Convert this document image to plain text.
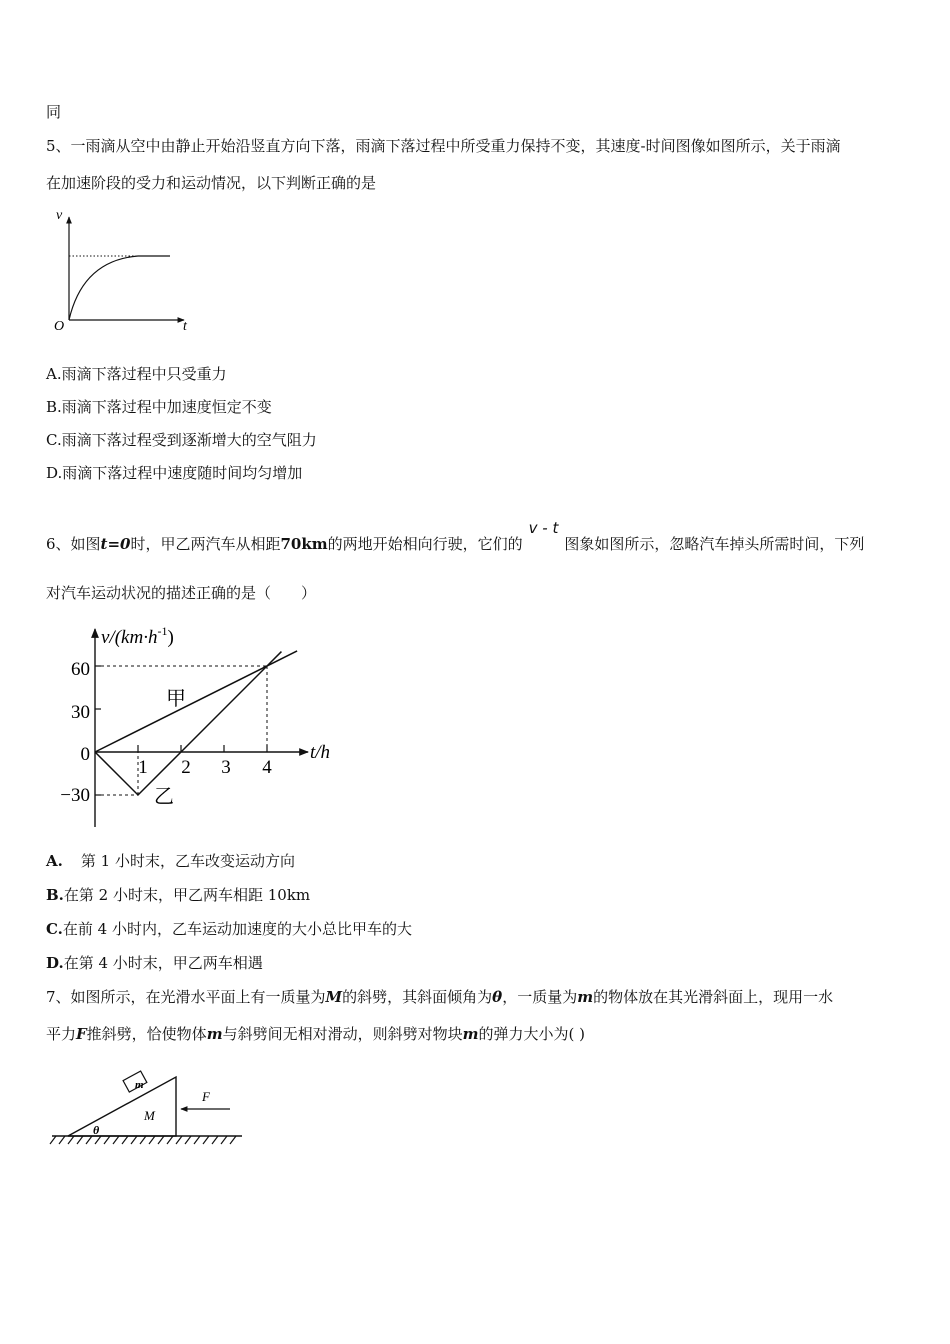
同
5、一雨滴从空中由静止开始沿竖直方向下落，雨滴下落过程中所受重力保持不变，其速度-时间图像如图所示，关于雨滴
在加速阶段的受力和运动情况，以下判断正确的是
v
t
O
A.雨滴下落过程中只受重力
B.雨滴下落过程中加速度恒定不变
C.雨滴下落过程受到逐渐增大的空气阻力
D.雨滴下落过程中速度随时间均匀增加
6、如图t=0时，甲乙两汽车从相距70km的两地开始相向行驶，它们的v - t图象如图所示，忽略汽车掉头所需时间，下列
对汽车运动状况的描述正确的是（　　）
$v/(km\cdot h^{-1})$
t/h
60
30
0
−30
1 2 3 4
甲
乙
A. 第 1 小时末，乙车改变运动方向
B.在第 2 小时末，甲乙两车相距 10km
C.在前 4 小时内，乙车运动加速度的大小总比甲车的大
D.在第 4 小时末，甲乙两车相遇
7、如图所示，在光滑水平面上有一质量为M的斜劈，其斜面倾角为θ，一质量为m的物体放在其光滑斜面上，现用一水
平力F推斜劈，恰使物体m与斜劈间无相对滑动，则斜劈对物块m的弹力大小为( )
m
M
θ
F
